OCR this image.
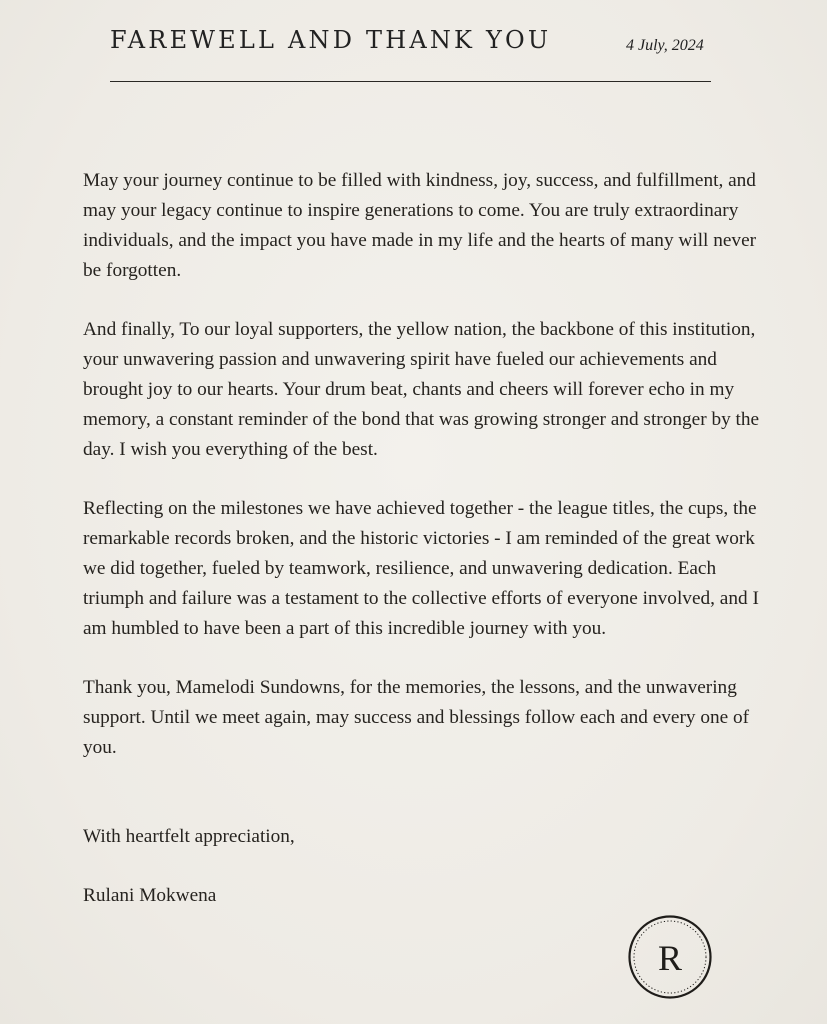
FAREWELL AND THANK YOU	4 July, 2024

May your journey continue to be filled with kindness, joy, success, and fulfillment, and may your legacy continue to inspire generations to come. You are truly extraordinary individuals, and the impact you have made in my life and the hearts of many will never be forgotten.

And finally, To our loyal supporters, the yellow nation, the backbone of this institution, your unwavering passion and unwavering spirit have fueled our achievements and brought joy to our hearts. Your drum beat, chants and cheers will forever echo in my memory, a constant reminder of the bond that was growing stronger and stronger by the day. I wish you everything of the best.

Reflecting on the milestones we have achieved together - the league titles, the cups, the remarkable records broken, and the historic victories - I am reminded of the great work we did together, fueled by teamwork, resilience, and unwavering dedication. Each triumph and failure was a testament to the collective efforts of everyone involved, and I am humbled to have been a part of this incredible journey with you.

Thank you, Mamelodi Sundowns, for the memories, the lessons, and the unwavering support. Until we meet again, may success and blessings follow each and every one of you.

With heartfelt appreciation,
Rulani Mokwena
R
